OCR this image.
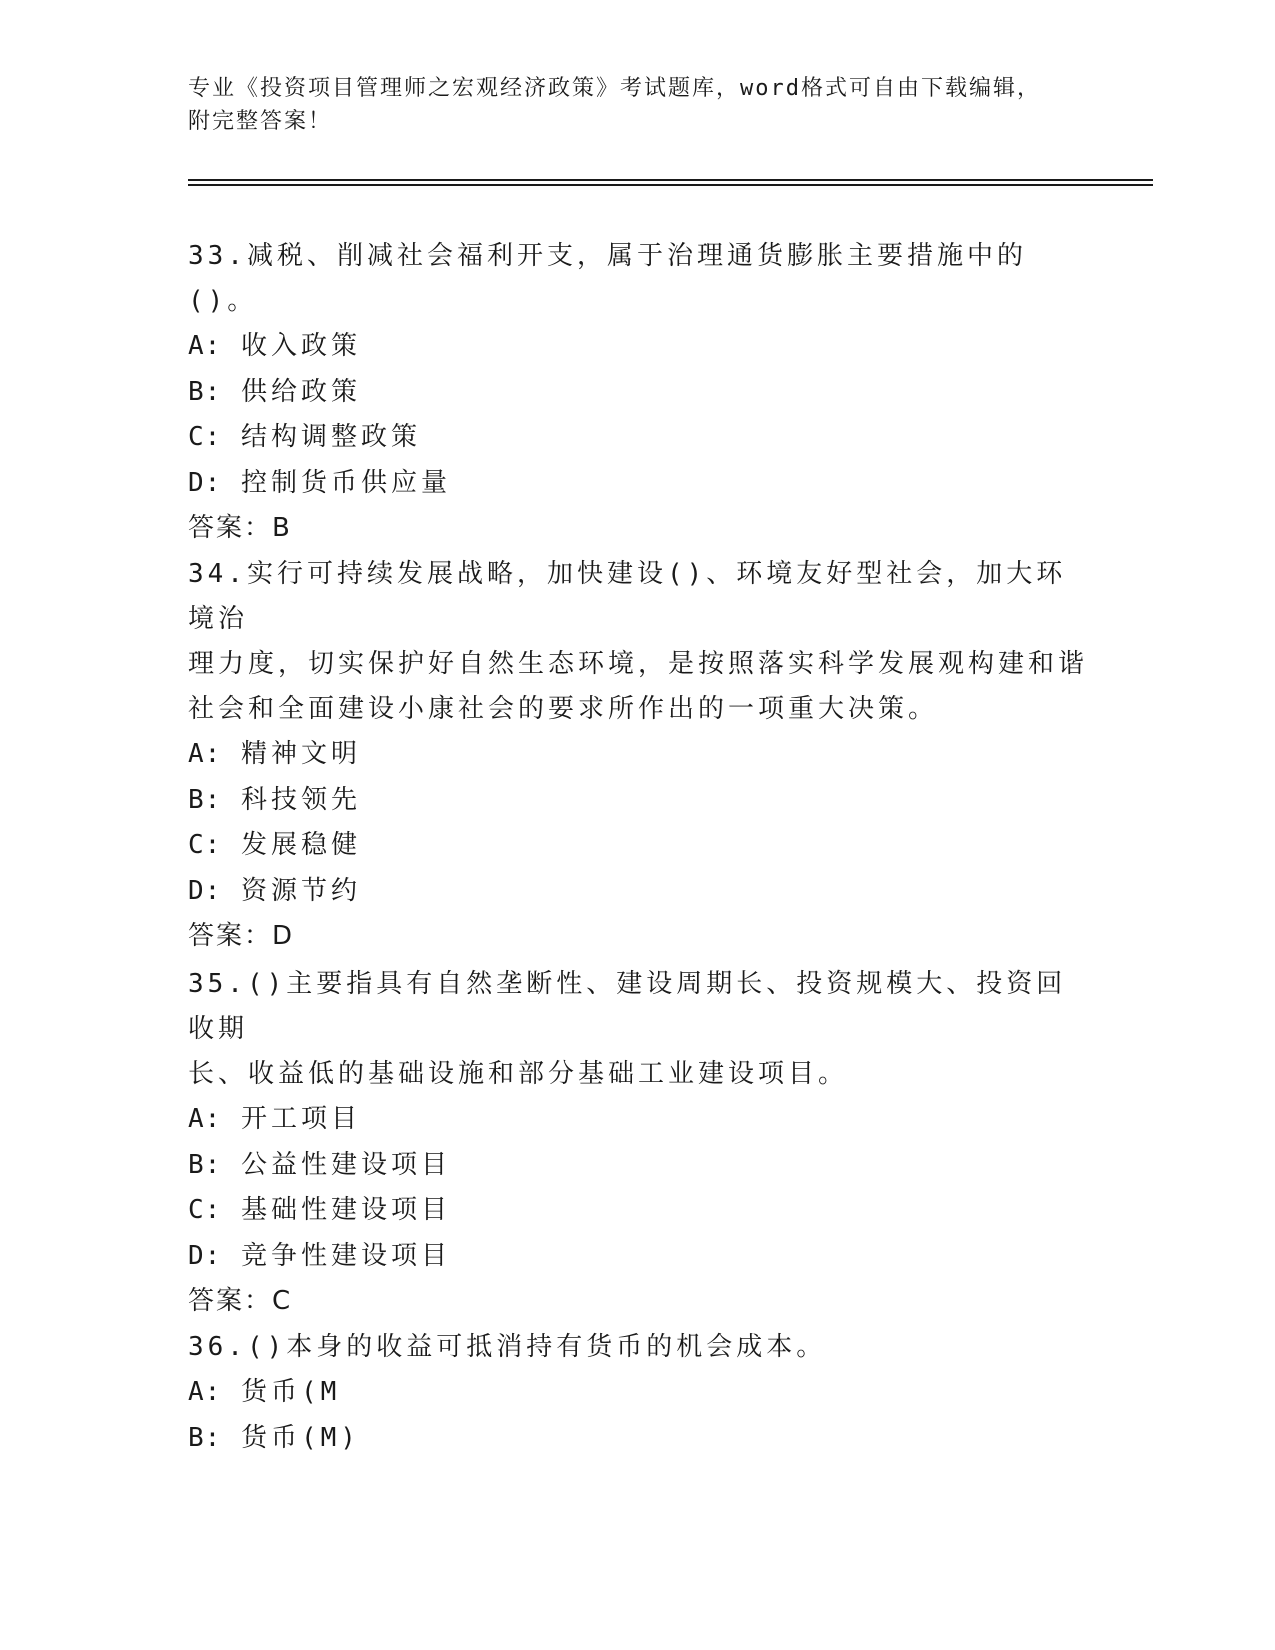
专业《投资项目管理师之宏观经济政策》考试题库，word格式可自由下载编辑，
附完整答案！

33.减税、削减社会福利开支，属于治理通货膨胀主要措施中的()。

A: 收入政策

B: 供给政策

C: 结构调整政策

D: 控制货币供应量

答案：B

34.实行可持续发展战略，加快建设()、环境友好型社会，加大环境治

理力度，切实保护好自然生态环境，是按照落实科学发展观构建和谐

社会和全面建设小康社会的要求所作出的一项重大决策。

A: 精神文明

B: 科技领先

C: 发展稳健

D: 资源节约

答案：D

35.()主要指具有自然垄断性、建设周期长、投资规模大、投资回收期

长、收益低的基础设施和部分基础工业建设项目。

A: 开工项目

B: 公益性建设项目

C: 基础性建设项目

D: 竞争性建设项目

答案：C

36.()本身的收益可抵消持有货币的机会成本。

A: 货币(M

B: 货币(M)
